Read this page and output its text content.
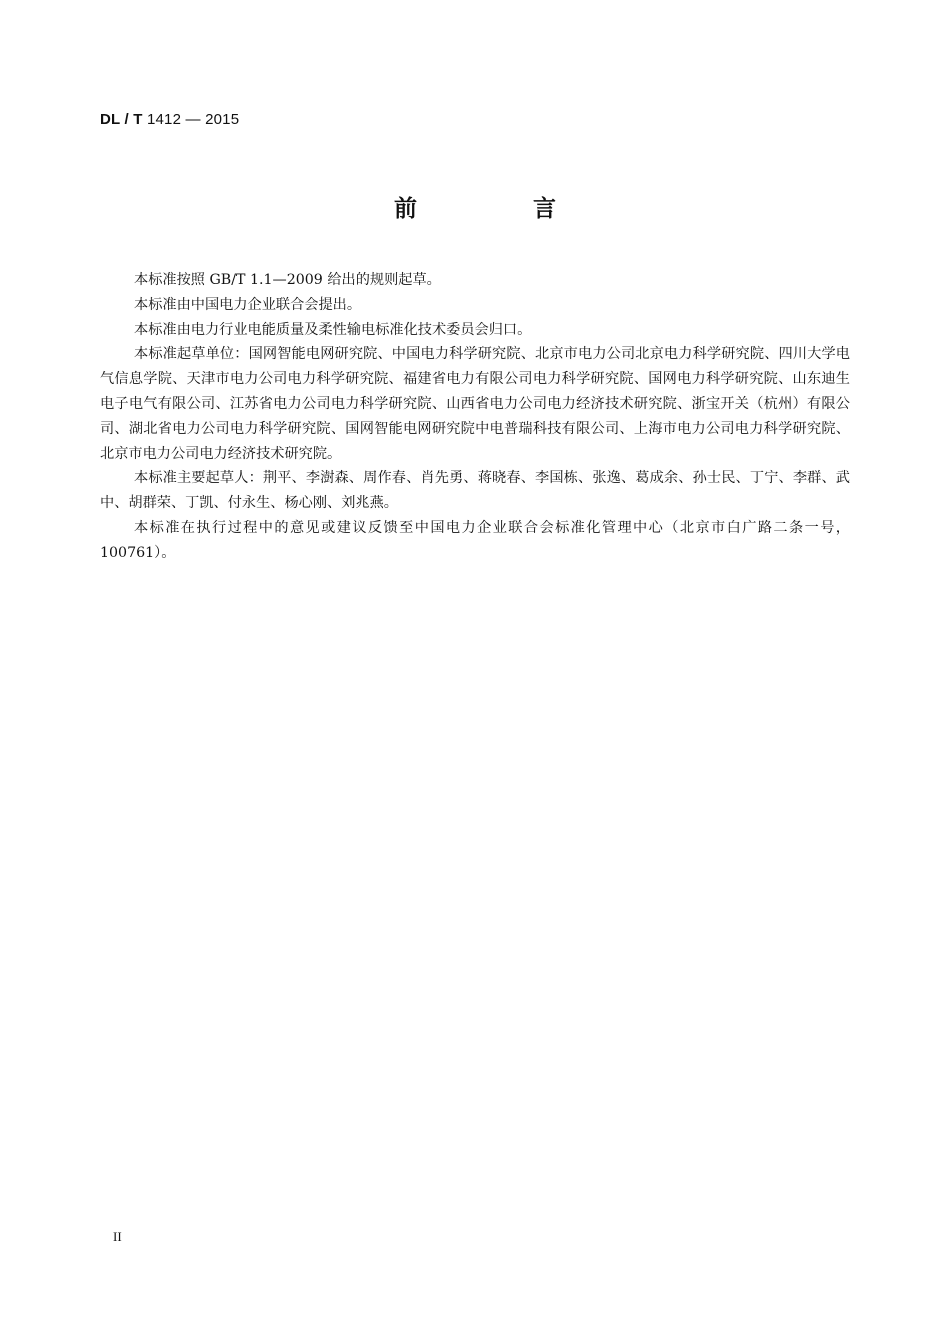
DL / T 1412 — 2015
前 言

本标准按照 GB/T 1.1—2009 给出的规则起草。

本标准由中国电力企业联合会提出。

本标准由电力行业电能质量及柔性输电标准化技术委员会归口。

本标准起草单位：国网智能电网研究院、中国电力科学研究院、北京市电力公司北京电力科学研究院、四川大学电气信息学院、天津市电力公司电力科学研究院、福建省电力有限公司电力科学研究院、国网电力科学研究院、山东迪生电子电气有限公司、江苏省电力公司电力科学研究院、山西省电力公司电力经济技术研究院、浙宝开关（杭州）有限公司、湖北省电力公司电力科学研究院、国网智能电网研究院中电普瑞科技有限公司、上海市电力公司电力科学研究院、北京市电力公司电力经济技术研究院。

本标准主要起草人：荆平、李澍森、周作春、肖先勇、蒋晓春、李国栋、张逸、葛成余、孙士民、丁宁、李群、武中、胡群荣、丁凯、付永生、杨心刚、刘兆燕。

本标准在执行过程中的意见或建议反馈至中国电力企业联合会标准化管理中心（北京市白广路二条一号，100761）。

II
